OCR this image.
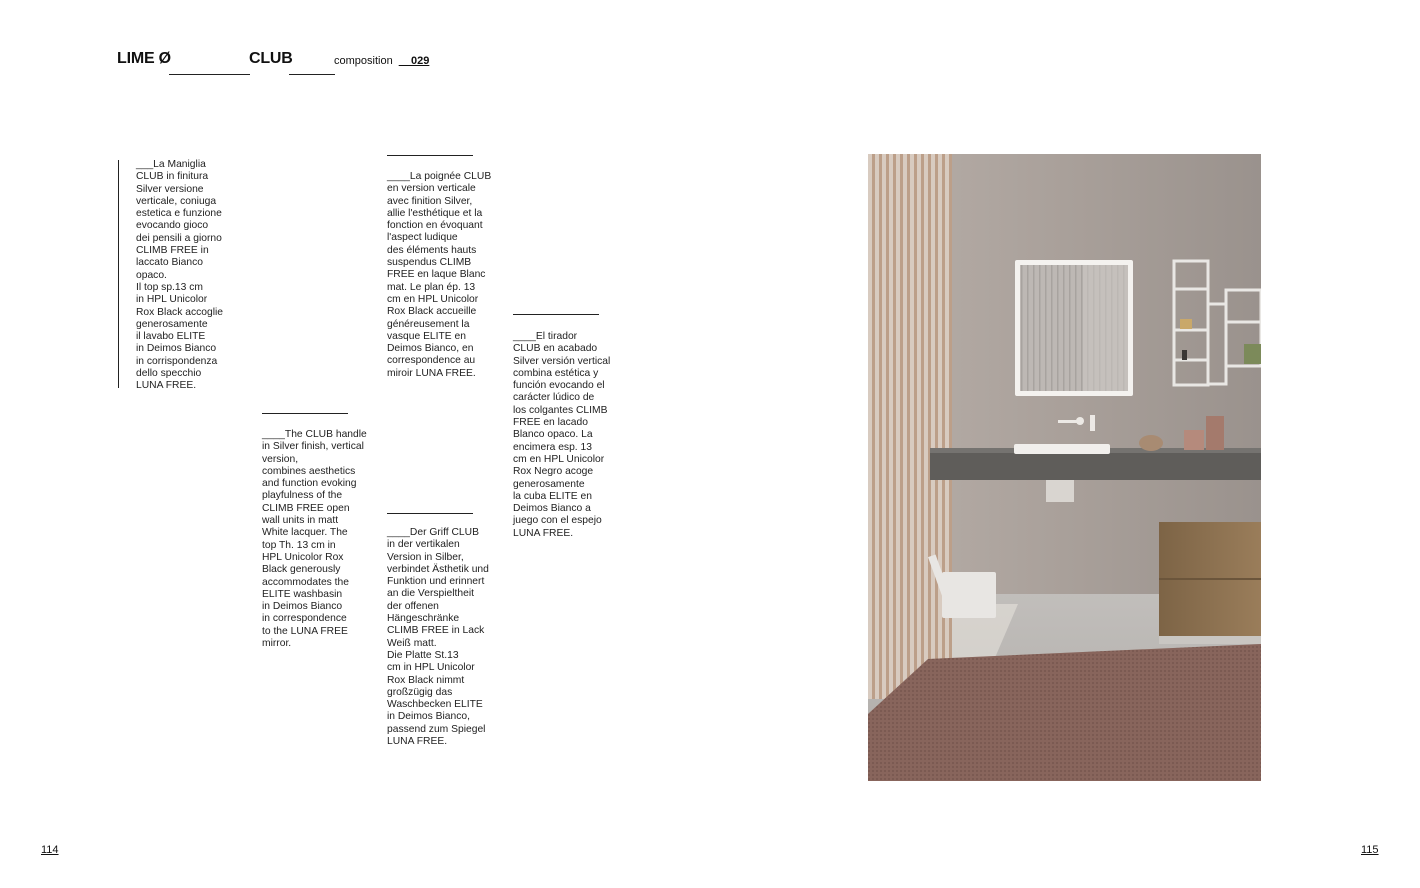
LIME Ø	CLUB	composition __029

___La Maniglia
CLUB in finitura
Silver versione
verticale, coniuga
estetica e funzione
evocando gioco
dei pensili a giorno
CLIMB FREE in
laccato Bianco
opaco.
Il top sp.13 cm
in HPL Unicolor
Rox Black accoglie
generosamente
il lavabo ELITE
in Deimos Bianco
in corrispondenza
dello specchio
LUNA FREE.

____The CLUB handle
in Silver finish, vertical
version,
combines aesthetics
and function evoking
playfulness of the
CLIMB FREE open
wall units in matt
White lacquer. The
top Th. 13 cm in
HPL Unicolor Rox
Black generously
accommodates the
ELITE washbasin
in Deimos Bianco
in correspondence
to the LUNA FREE
mirror.

____La poignée CLUB
en version verticale
avec finition Silver,
allie l'esthétique et la
fonction en évoquant
l'aspect ludique
des éléments hauts
suspendus CLIMB
FREE en laque Blanc
mat. Le plan ép. 13
cm en HPL Unicolor
Rox Black accueille
généreusement la
vasque ELITE en
Deimos Bianco, en
correspondence au
miroir LUNA FREE.

____Der Griff CLUB
in der vertikalen
Version in Silber,
verbindet Ästhetik und
Funktion und erinnert
an die Verspieltheit
der offenen
Hängeschränke
CLIMB FREE in Lack
Weiß matt.
Die Platte St.13
cm in HPL Unicolor
Rox Black nimmt
großzügig das
Waschbecken ELITE
in Deimos Bianco,
passend zum Spiegel
LUNA FREE.

____El tirador
CLUB en acabado
Silver versión vertical
combina estética y
función evocando el
carácter lúdico de
los colgantes CLIMB
FREE en lacado
Blanco opaco. La
encimera esp. 13
cm en HPL Unicolor
Rox Negro acoge
generosamente
la cuba ELITE en
Deimos Bianco a
juego con el espejo
LUNA FREE.

114	115
